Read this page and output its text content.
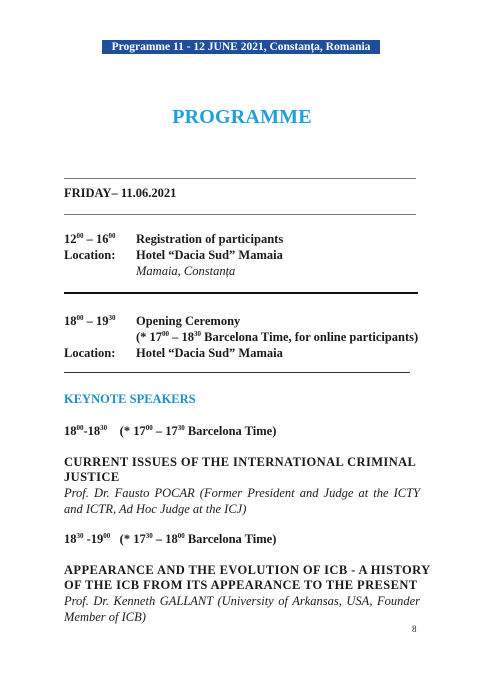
Programme 11 - 12 JUNE 2021, Constanța, Romania
PROGRAMME
FRIDAY– 11.06.2021
$12^{00} - 16^{00}$ Registration of participants
Location: Hotel “Dacia Sud” Mamaia
Mamaia, Constanța
$18^{00} - 19^{30}$ Opening Ceremony
(* $17^{00} - 18^{30}$ Barcelona Time, for online participants)
Location: Hotel “Dacia Sud” Mamaia
KEYNOTE SPEAKERS
$18^{00}-18^{30}$ (* $17^{00} - 17^{30}$ Barcelona Time)
CURRENT ISSUES OF THE INTERNATIONAL CRIMINAL
JUSTICE
Prof. Dr. Fausto POCAR (Former President and Judge at the ICTY and ICTR, Ad Hoc Judge at the ICJ)
$18^{30}$ $-19^{00}$ (* $17^{30} - 18^{00}$ Barcelona Time)
APPEARANCE AND THE EVOLUTION OF ICB - A HISTORY
OF THE ICB FROM ITS APPEARANCE TO THE PRESENT
Prof. Dr. Kenneth GALLANT (University of Arkansas, USA, Founder Member of ICB)
8
